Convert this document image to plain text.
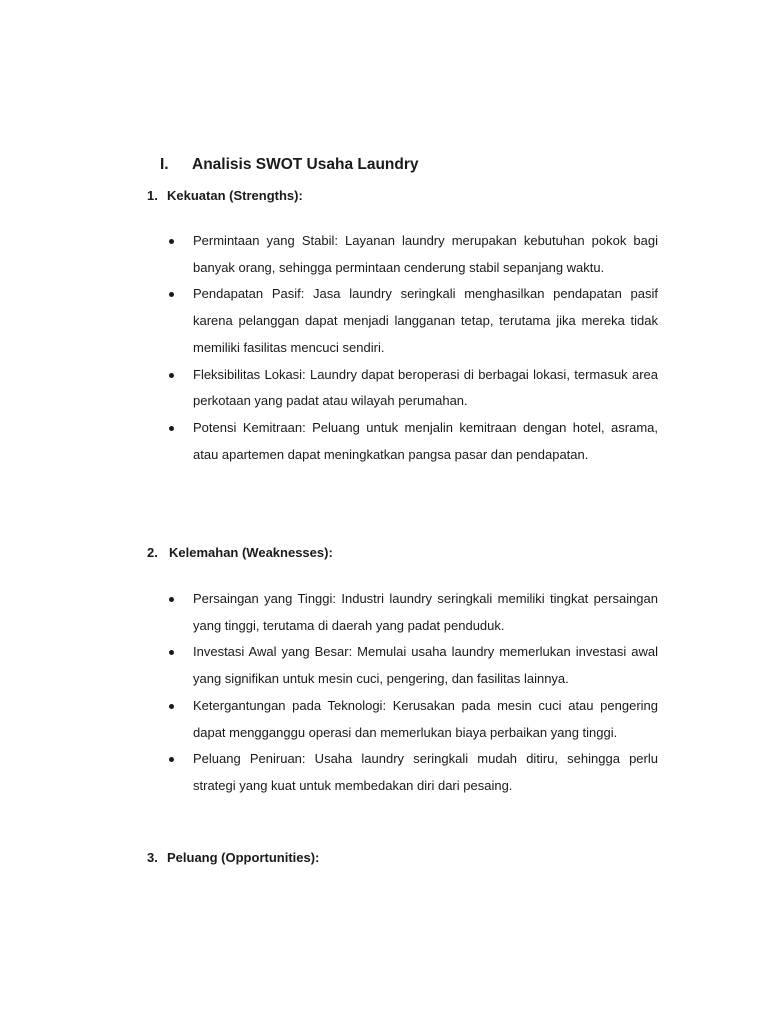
I. Analisis SWOT Usaha Laundry
1. Kekuatan (Strengths):
Permintaan yang Stabil: Layanan laundry merupakan kebutuhan pokok bagi banyak orang, sehingga permintaan cenderung stabil sepanjang waktu.
Pendapatan Pasif: Jasa laundry seringkali menghasilkan pendapatan pasif karena pelanggan dapat menjadi langganan tetap, terutama jika mereka tidak memiliki fasilitas mencuci sendiri.
Fleksibilitas Lokasi: Laundry dapat beroperasi di berbagai lokasi, termasuk area perkotaan yang padat atau wilayah perumahan.
Potensi Kemitraan: Peluang untuk menjalin kemitraan dengan hotel, asrama, atau apartemen dapat meningkatkan pangsa pasar dan pendapatan.
2. Kelemahan (Weaknesses):
Persaingan yang Tinggi: Industri laundry seringkali memiliki tingkat persaingan yang tinggi, terutama di daerah yang padat penduduk.
Investasi Awal yang Besar: Memulai usaha laundry memerlukan investasi awal yang signifikan untuk mesin cuci, pengering, dan fasilitas lainnya.
Ketergantungan pada Teknologi: Kerusakan pada mesin cuci atau pengering dapat mengganggu operasi dan memerlukan biaya perbaikan yang tinggi.
Peluang Peniruan: Usaha laundry seringkali mudah ditiru, sehingga perlu strategi yang kuat untuk membedakan diri dari pesaing.
3. Peluang (Opportunities):
